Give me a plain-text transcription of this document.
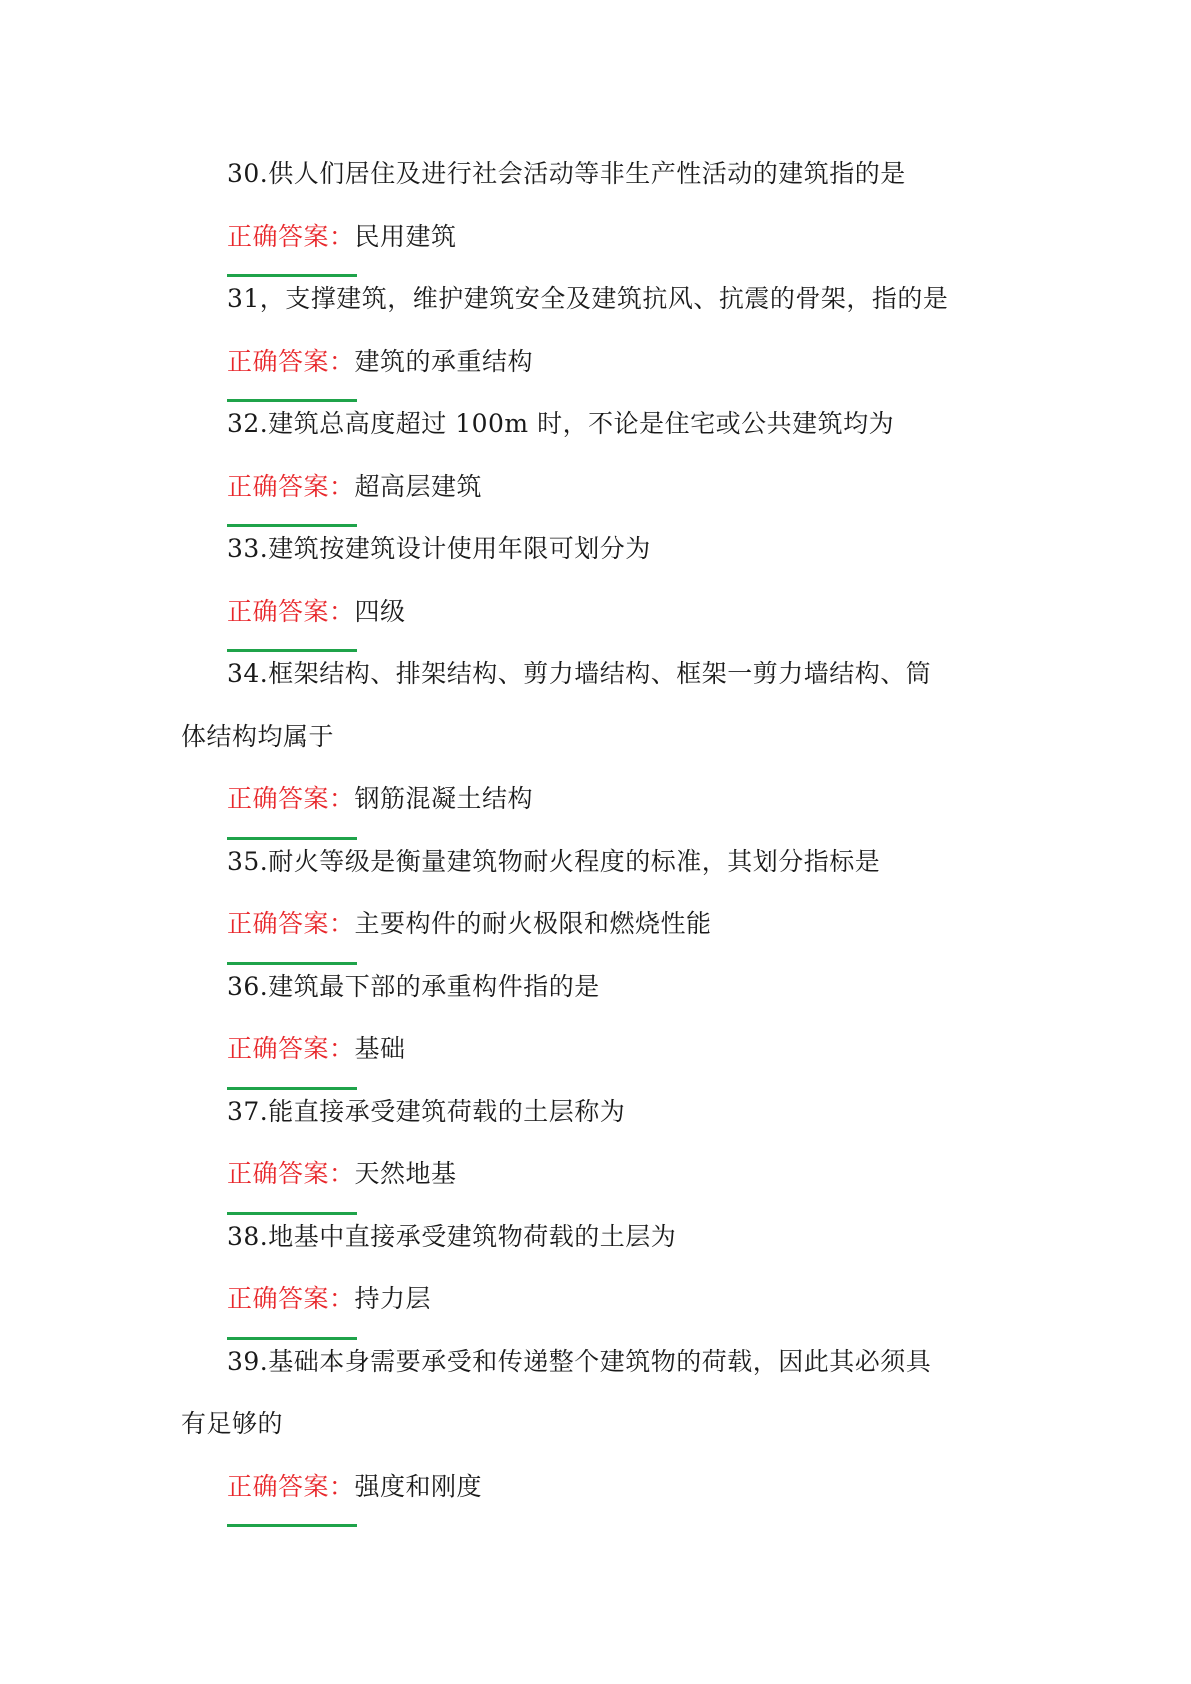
30.供人们居住及进行社会活动等非生产性活动的建筑指的是
正确答案：民用建筑
31，支撑建筑，维护建筑安全及建筑抗风、抗震的骨架，指的是
正确答案：建筑的承重结构
32.建筑总高度超过 100m 时，不论是住宅或公共建筑均为
正确答案：超高层建筑
33.建筑按建筑设计使用年限可划分为
正确答案：四级
34.框架结构、排架结构、剪力墙结构、框架一剪力墙结构、筒
体结构均属于
正确答案：钢筋混凝土结构
35.耐火等级是衡量建筑物耐火程度的标准，其划分指标是
正确答案：主要构件的耐火极限和燃烧性能
36.建筑最下部的承重构件指的是
正确答案：基础
37.能直接承受建筑荷载的土层称为
正确答案：天然地基
38.地基中直接承受建筑物荷载的土层为
正确答案：持力层
39.基础本身需要承受和传递整个建筑物的荷载，因此其必须具
有足够的
正确答案：强度和刚度
